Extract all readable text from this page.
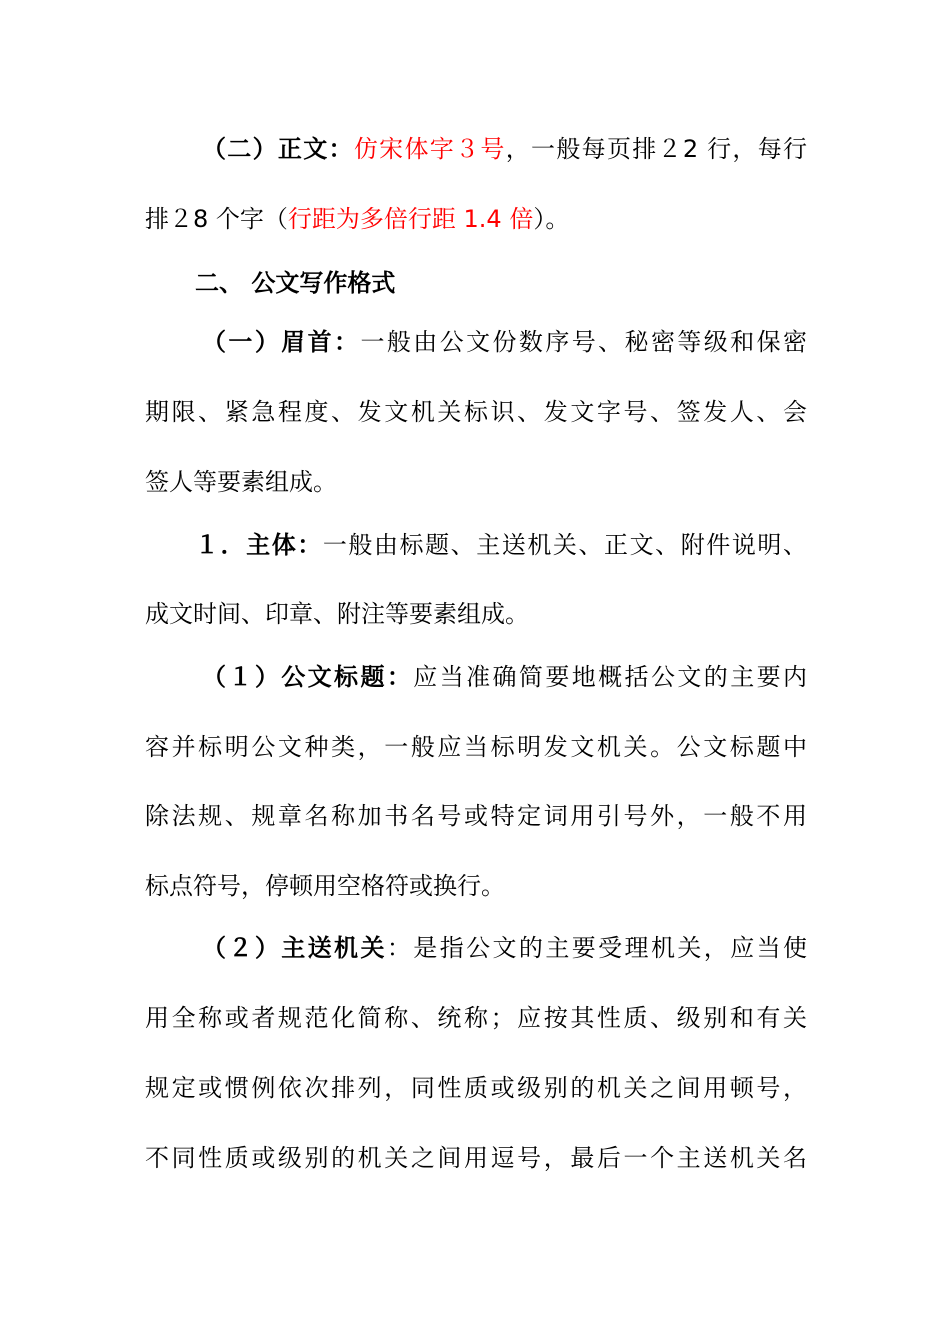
（二）正文：仿宋体字３号，一般每页排２2 行，每行
排２8 个字（行距为多倍行距 1.4 倍）。
二、 公文写作格式
（一）眉首：一般由公文份数序号、秘密等级和保密
期限、紧急程度、发文机关标识、发文字号、签发人、会
签人等要素组成。
１．主体：一般由标题、主送机关、正文、附件说明、
成文时间、印章、附注等要素组成。
（１）公文标题：应当准确简要地概括公文的主要内
容并标明公文种类，一般应当标明发文机关。公文标题中
除法规、规章名称加书名号或特定词用引号外，一般不用
标点符号，停顿用空格符或换行。
（２）主送机关：是指公文的主要受理机关，应当使
用全称或者规范化简称、统称；应按其性质、级别和有关
规定或惯例依次排列，同性质或级别的机关之间用顿号，
不同性质或级别的机关之间用逗号，最后一个主送机关名
